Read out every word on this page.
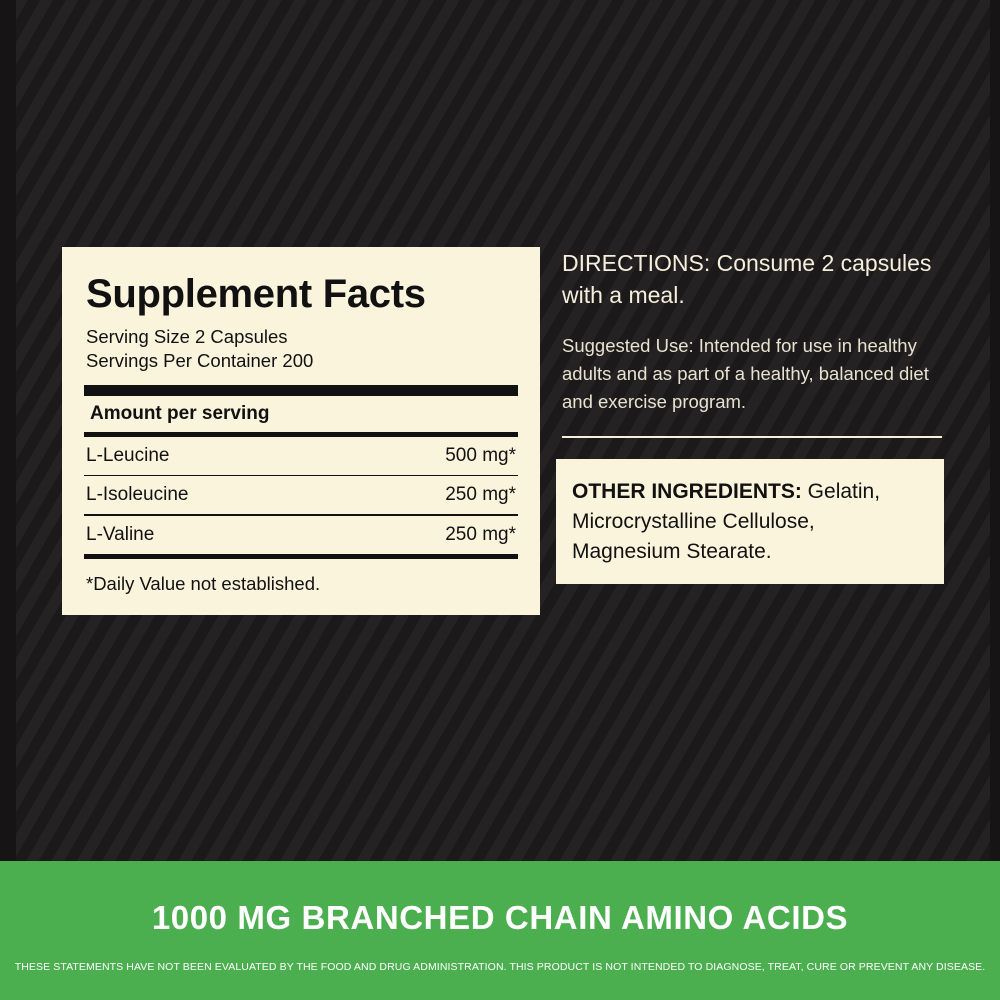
Supplement Facts
Serving Size 2 Capsules
Servings Per Container 200
Amount per serving
L-Leucine	500 mg*
L-Isoleucine	250 mg*
L-Valine	250 mg*
*Daily Value not established.
DIRECTIONS: Consume 2 capsules with a meal.
Suggested Use: Intended for use in healthy adults and as part of a healthy, balanced diet and exercise program.
OTHER INGREDIENTS: Gelatin, Microcrystalline Cellulose, Magnesium Stearate.
1000 MG BRANCHED CHAIN AMINO ACIDS
THESE STATEMENTS HAVE NOT BEEN EVALUATED BY THE FOOD AND DRUG ADMINISTRATION. THIS PRODUCT IS NOT INTENDED TO DIAGNOSE, TREAT, CURE OR PREVENT ANY DISEASE.
